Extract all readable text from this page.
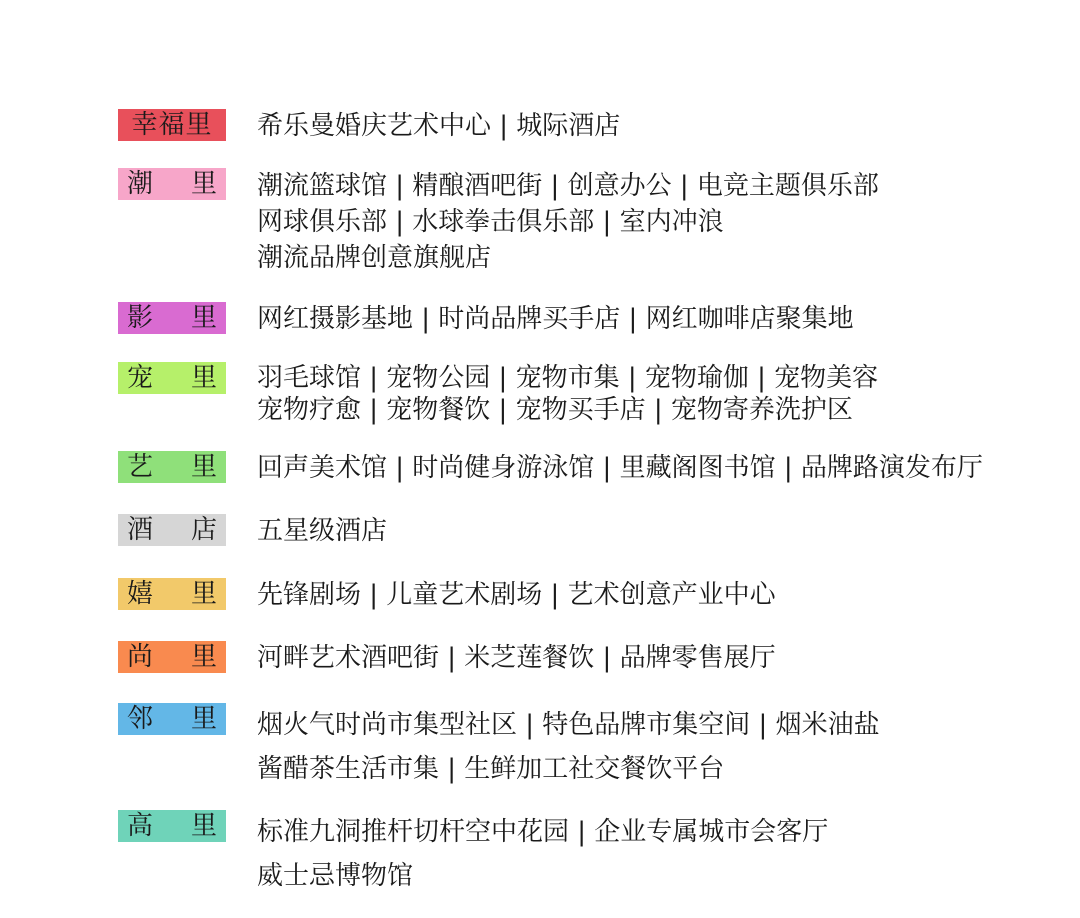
幸福里 希乐曼婚庆艺术中心 | 城际酒店
潮 里 潮流篮球馆 | 精酿酒吧街 | 创意办公 | 电竞主题俱乐部
网球俱乐部 | 水球拳击俱乐部 | 室内冲浪
潮流品牌创意旗舰店
影 里 网红摄影基地 | 时尚品牌买手店 | 网红咖啡店聚集地
宠 里 羽毛球馆 | 宠物公园 | 宠物市集 | 宠物瑜伽 | 宠物美容
宠物疗愈 | 宠物餐饮 | 宠物买手店 | 宠物寄养洗护区
艺 里 回声美术馆 | 时尚健身游泳馆 | 里藏阁图书馆 | 品牌路演发布厅
酒 店 五星级酒店
嬉 里 先锋剧场 | 儿童艺术剧场 | 艺术创意产业中心
尚 里 河畔艺术酒吧街 | 米芝莲餐饮 | 品牌零售展厅
邻 里 烟火气时尚市集型社区 | 特色品牌市集空间 | 烟米油盐
酱醋茶生活市集 | 生鲜加工社交餐饮平台
高 里 标准九洞推杆切杆空中花园 | 企业专属城市会客厅
威士忌博物馆
